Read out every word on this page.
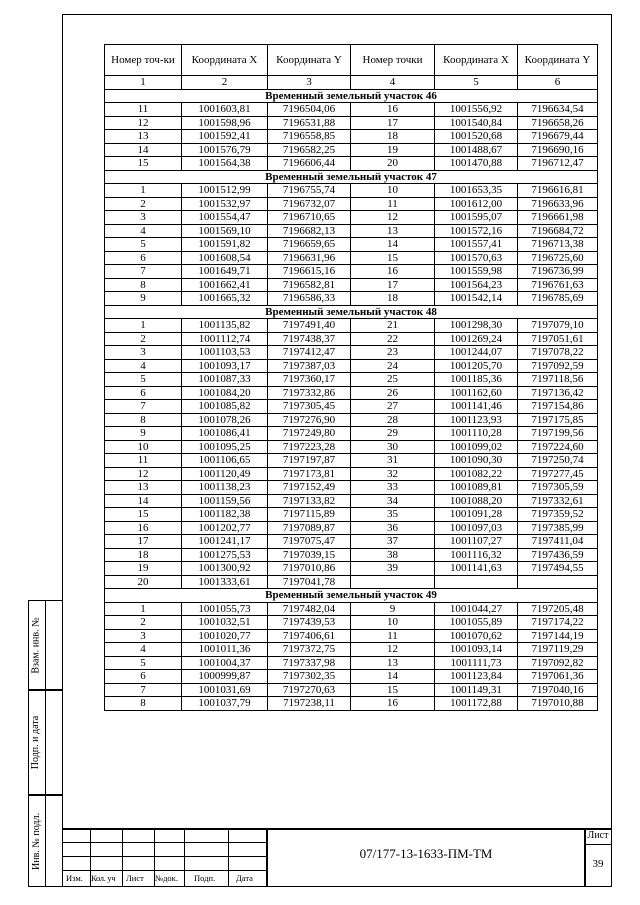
Взам. инв. №
Подп. и дата
Инв. № подл.
Номер точ-ки	Координата X	Координата Y	Номер точки	Координата X	Координата Y
1	2	3	4	5	6
Временный земельный участок 46					
11	1001603,81	7196504,06	16	1001556,92	7196634,54
12	1001598,96	7196531,88	17	1001540,84	7196658,26
13	1001592,41	7196558,85	18	1001520,68	7196679,44
14	1001576,79	7196582,25	19	1001488,67	7196690,16
15	1001564,38	7196606,44	20	1001470,88	7196712,47
Временный земельный участок 47					
1	1001512,99	7196755,74	10	1001653,35	7196616,81
2	1001532,97	7196732,07	11	1001612,00	7196633,96
3	1001554,47	7196710,65	12	1001595,07	7196661,98
4	1001569,10	7196682,13	13	1001572,16	7196684,72
5	1001591,82	7196659,65	14	1001557,41	7196713,38
6	1001608,54	7196631,96	15	1001570,63	7196725,60
7	1001649,71	7196615,16	16	1001559,98	7196736,99
8	1001662,41	7196582,81	17	1001564,23	7196761,63
9	1001665,32	7196586,33	18	1001542,14	7196785,69
Временный земельный участок 48					
1	1001135,82	7197491,40	21	1001298,30	7197079,10
2	1001112,74	7197438,37	22	1001269,24	7197051,61
3	1001103,53	7197412,47	23	1001244,07	7197078,22
4	1001093,17	7197387,03	24	1001205,70	7197092,59
5	1001087,33	7197360,17	25	1001185,36	7197118,56
6	1001084,20	7197332,86	26	1001162,60	7197136,42
7	1001085,82	7197305,45	27	1001141,46	7197154,86
8	1001078,26	7197276,90	28	1001123,93	7197175,85
9	1001086,41	7197249,80	29	1001110,28	7197199,56
10	1001095,25	7197223,28	30	1001099,02	7197224,60
11	1001106,65	7197197,87	31	1001090,30	7197250,74
12	1001120,49	7197173,81	32	1001082,22	7197277,45
13	1001138,23	7197152,49	33	1001089,81	7197305,59
14	1001159,56	7197133,82	34	1001088,20	7197332,61
15	1001182,38	7197115,89	35	1001091,28	7197359,52
16	1001202,77	7197089,87	36	1001097,03	7197385,99
17	1001241,17	7197075,47	37	1001107,27	7197411,04
18	1001275,53	7197039,15	38	1001116,32	7197436,59
19	1001300,92	7197010,86	39	1001141,63	7197494,55
20	1001333,61	7197041,78			
Временный земельный участок 49					
1	1001055,73	7197482,04	9	1001044,27	7197205,48
2	1001032,51	7197439,53	10	1001055,89	7197174,22
3	1001020,77	7197406,61	11	1001070,62	7197144,19
4	1001011,36	7197372,75	12	1001093,14	7197119,29
5	1001004,37	7197337,98	13	1001111,73	7197092,82
6	1000999,87	7197302,35	14	1001123,84	7197061,36
7	1001031,69	7197270,63	15	1001149,31	7197040,16
8	1001037,79	7197238,11	16	1001172,88	7197010,88
Изм. Кол. уч Лист №док. Подп. Дата
07/177-13-1633-ПМ-ТМ
Лист
39
